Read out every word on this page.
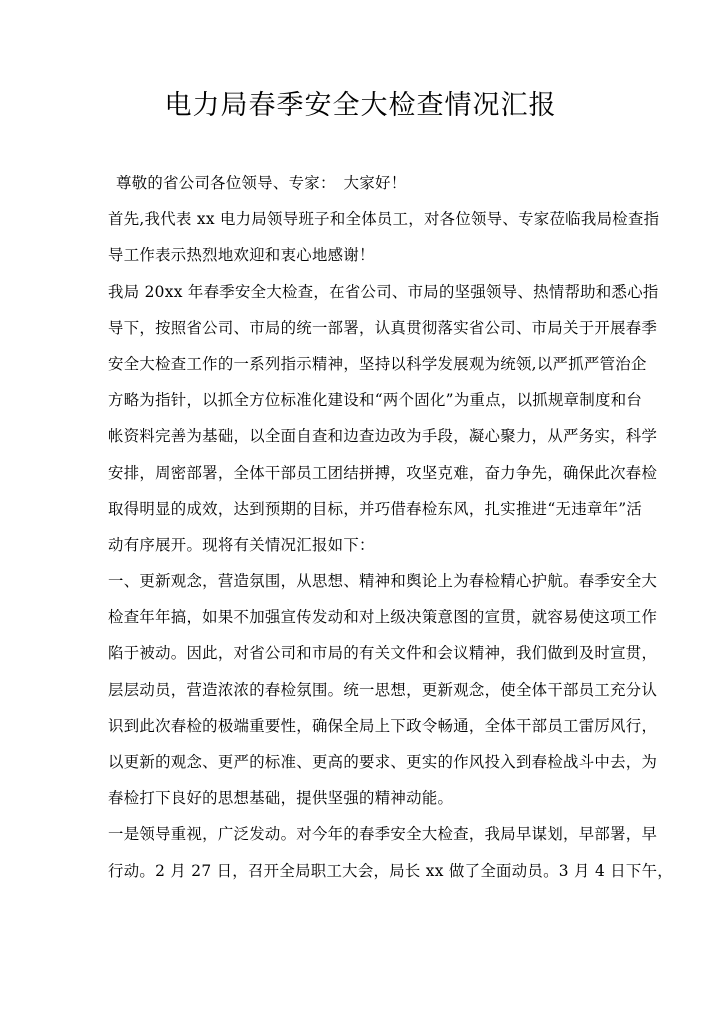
电力局春季安全大检查情况汇报
尊敬的省公司各位领导、专家：　大家好！
首先,我代表 xx 电力局领导班子和全体员工，对各位领导、专家莅临我局检查指
导工作表示热烈地欢迎和衷心地感谢！
我局 20xx 年春季安全大检查，在省公司、市局的坚强领导、热情帮助和悉心指
导下，按照省公司、市局的统一部署，认真贯彻落实省公司、市局关于开展春季
安全大检查工作的一系列指示精神，坚持以科学发展观为统领,以严抓严管治企
方略为指针，以抓全方位标准化建设和“两个固化”为重点，以抓规章制度和台
帐资料完善为基础，以全面自查和边查边改为手段，凝心聚力，从严务实，科学
安排，周密部署，全体干部员工团结拼搏，攻坚克难，奋力争先，确保此次春检
取得明显的成效，达到预期的目标，并巧借春检东风，扎实推进“无违章年”活
动有序展开。现将有关情况汇报如下：
一、更新观念，营造氛围，从思想、精神和舆论上为春检精心护航。春季安全大
检查年年搞，如果不加强宣传发动和对上级决策意图的宣贯，就容易使这项工作
陷于被动。因此，对省公司和市局的有关文件和会议精神，我们做到及时宣贯，
层层动员，营造浓浓的春检氛围。统一思想，更新观念，使全体干部员工充分认
识到此次春检的极端重要性，确保全局上下政令畅通，全体干部员工雷厉风行，
以更新的观念、更严的标准、更高的要求、更实的作风投入到春检战斗中去，为
春检打下良好的思想基础，提供坚强的精神动能。
一是领导重视，广泛发动。对今年的春季安全大检查，我局早谋划，早部署，早
行动。2 月 27 日，召开全局职工大会，局长 xx 做了全面动员。3 月 4 日下午，
